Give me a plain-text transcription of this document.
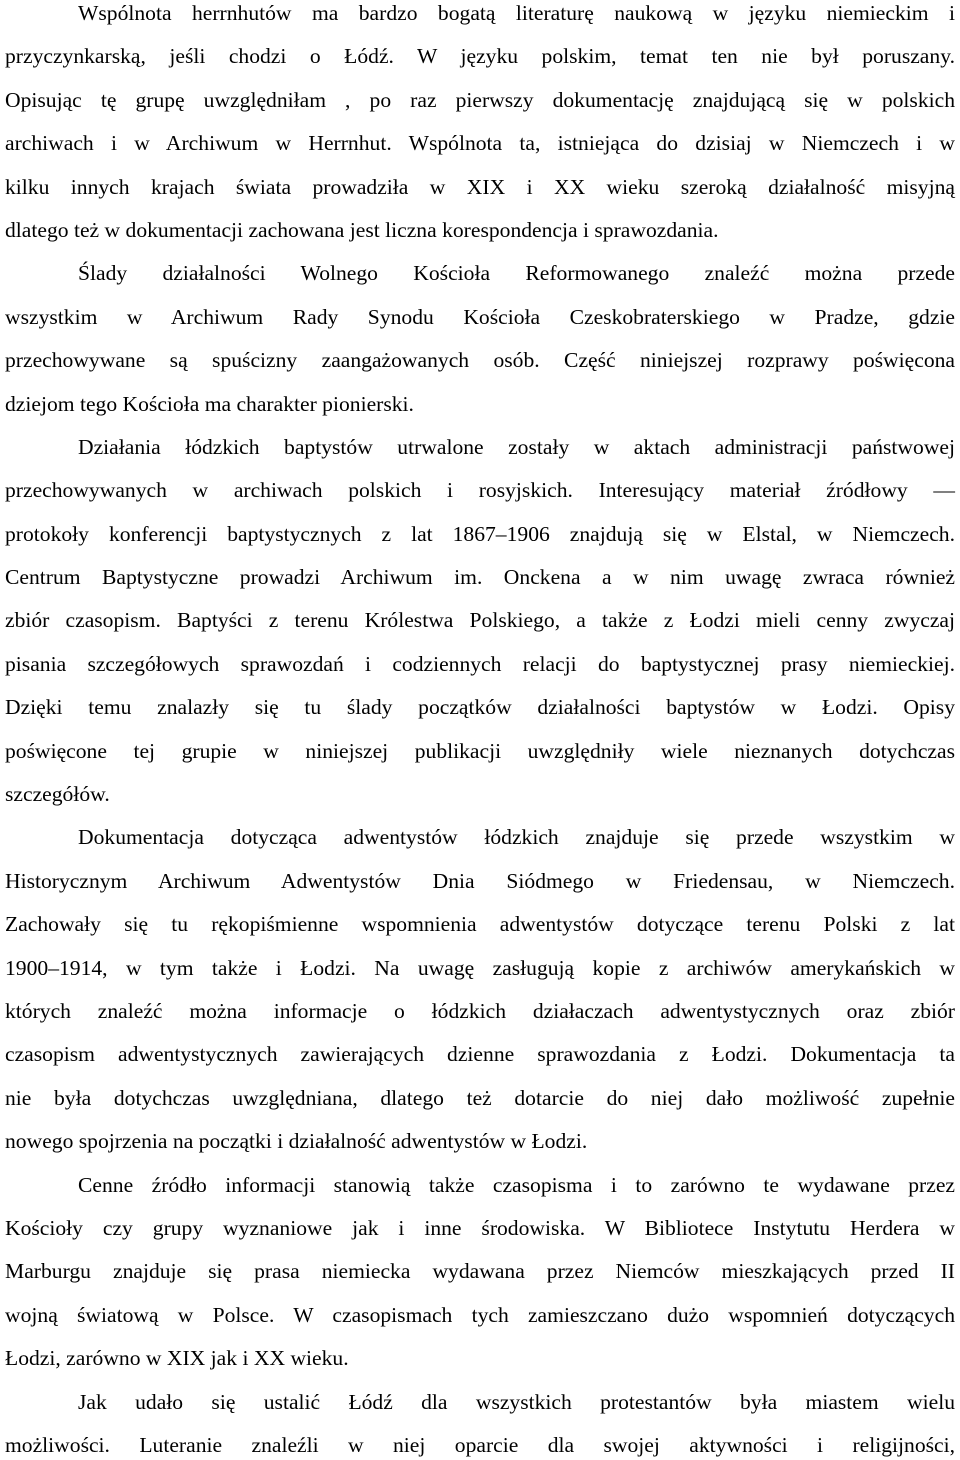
Wspólnota herrnhutów ma bardzo bogatą literaturę naukową w języku niemieckim i
przyczynkarską, jeśli chodzi o Łódź. W języku polskim, temat ten nie był poruszany.
Opisując tę grupę uwzględniłam , po raz pierwszy dokumentację znajdującą się w polskich
archiwach i w Archiwum w Herrnhut. Wspólnota ta, istniejąca do dzisiaj w Niemczech i w
kilku innych krajach świata prowadziła w XIX i XX wieku szeroką działalność misyjną
dlatego też w dokumentacji zachowana jest liczna korespondencja i sprawozdania.
Ślady działalności Wolnego Kościoła Reformowanego znaleźć można przede
wszystkim w Archiwum Rady Synodu Kościoła Czeskobraterskiego w Pradze, gdzie
przechowywane są spuścizny zaangażowanych osób. Część niniejszej rozprawy poświęcona
dziejom tego Kościoła ma charakter pionierski.
Działania łódzkich baptystów utrwalone zostały w aktach administracji państwowej
przechowywanych w archiwach polskich i rosyjskich. Interesujący materiał źródłowy —
protokoły konferencji baptystycznych z lat 1867–1906 znajdują się w Elstal, w Niemczech.
Centrum Baptystyczne prowadzi Archiwum im. Onckena a w nim uwagę zwraca również
zbiór czasopism. Baptyści z terenu Królestwa Polskiego, a także z Łodzi mieli cenny zwyczaj
pisania szczegółowych sprawozdań i codziennych relacji do baptystycznej prasy niemieckiej.
Dzięki temu znalazły się tu ślady początków działalności baptystów w Łodzi. Opisy
poświęcone tej grupie w niniejszej publikacji uwzględniły wiele nieznanych dotychczas
szczegółów.
Dokumentacja dotycząca adwentystów łódzkich znajduje się przede wszystkim w
Historycznym Archiwum Adwentystów Dnia Siódmego w Friedensau, w Niemczech.
Zachowały się tu rękopiśmienne wspomnienia adwentystów dotyczące terenu Polski z lat
1900–1914, w tym także i Łodzi. Na uwagę zasługują kopie z archiwów amerykańskich w
których znaleźć można informacje o łódzkich działaczach adwentystycznych oraz zbiór
czasopism adwentystycznych zawierających dzienne sprawozdania z Łodzi. Dokumentacja ta
nie była dotychczas uwzględniana, dlatego też dotarcie do niej dało możliwość zupełnie
nowego spojrzenia na początki i działalność adwentystów w Łodzi.
Cenne źródło informacji stanowią także czasopisma i to zarówno te wydawane przez
Kościoły czy grupy wyznaniowe jak i inne środowiska. W Bibliotece Instytutu Herdera w
Marburgu znajduje się prasa niemiecka wydawana przez Niemców mieszkających przed II
wojną światową w Polsce. W czasopismach tych zamieszczano dużo wspomnień dotyczących
Łodzi, zarówno w XIX jak i XX wieku.
Jak udało się ustalić Łódź dla wszystkich protestantów była miastem wielu
możliwości. Luteranie znaleźli w niej oparcie dla swojej aktywności i religijności,
